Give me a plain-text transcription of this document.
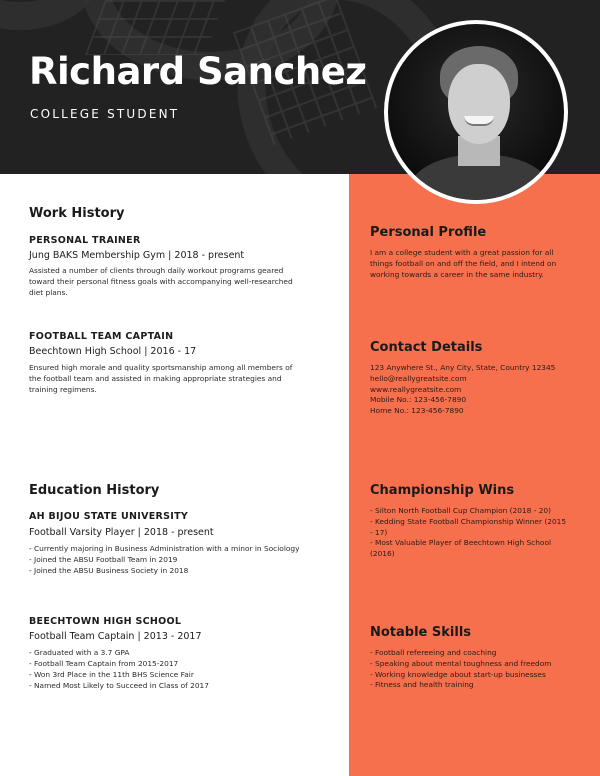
Richard Sanchez
COLLEGE STUDENT
Work History
PERSONAL TRAINER
Jung BAKS Membership Gym | 2018 - present
Assisted a number of clients through daily workout programs geared
toward their personal fitness goals with accompanying well-researched
diet plans.
FOOTBALL TEAM CAPTAIN
Beechtown High School | 2016 - 17
Ensured high morale and quality sportsmanship among all members of
the football team and assisted in making appropriate strategies and
training regimens.
Education History
AH BIJOU STATE UNIVERSITY
Football Varsity Player | 2018 - present
- Currently majoring in Business Administration with a minor in Sociology
- Joined the ABSU Football Team in 2019
- Joined the ABSU Business Society in 2018
BEECHTOWN HIGH SCHOOL
Football Team Captain | 2013 - 2017
- Graduated with a 3.7 GPA
- Football Team Captain from 2015-2017
- Won 3rd Place in the 11th BHS Science Fair
- Named Most Likely to Succeed in Class of 2017
Personal Profile
I am a college student with a great passion for all
things football on and off the field, and I intend on
working towards a career in the same industry.
Contact Details
123 Anywhere St., Any City, State, Country 12345
hello@reallygreatsite.com
www.reallygreatsite.com
Mobile No.: 123-456-7890
Home No.: 123-456-7890
Championship Wins
- Silton North Football Cup Champion (2018 - 20)
- Kedding State Football Championship Winner (2015
- 17)
- Most Valuable Player of Beechtown High School
(2016)
Notable Skills
- Football refereeing and coaching
- Speaking about mental toughness and freedom
- Working knowledge about start-up businesses
- Fitness and health training
